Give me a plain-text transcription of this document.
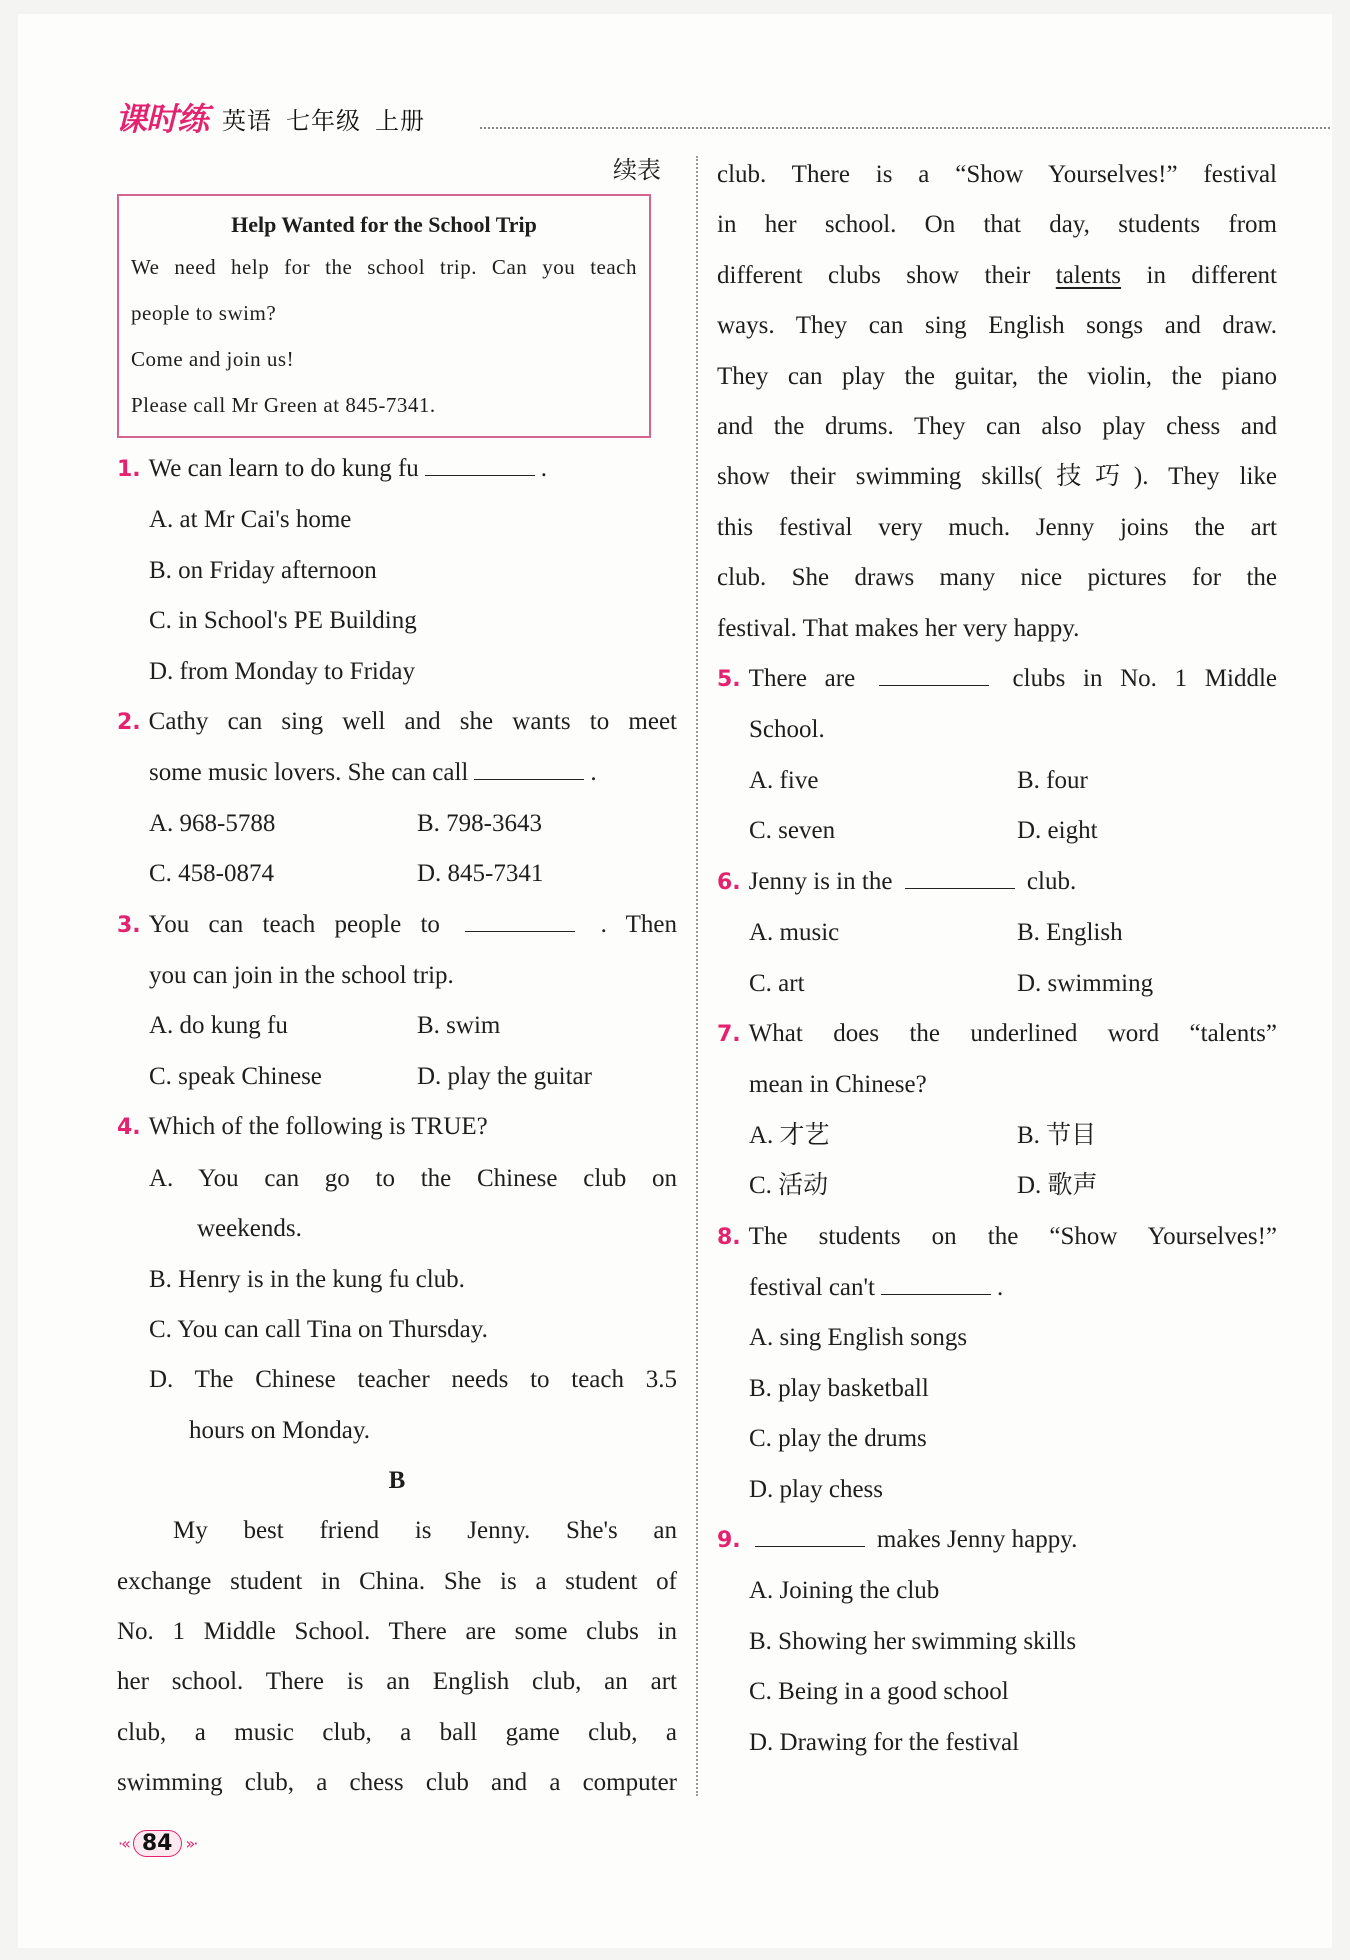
课时练 英语 七年级 上册
续表
Help Wanted for the School Trip
We need help for the school trip. Can you teach
people to swim?
Come and join us!
Please call Mr Green at 845-7341.
1. We can learn to do kung fu	.
A. at Mr Cai's home
B. on Friday afternoon
C. in School's PE Building
D. from Monday to Friday
2. Cathy can sing well and she wants to meet
some music lovers. She can call	.
A. 968-5788	B. 798-3643
C. 458-0874	D. 845-7341
3. You can teach people to	. Then
you can join in the school trip.
A. do kung fu	B. swim
C. speak Chinese	D. play the guitar
4. Which of the following is TRUE?
A. You can go to the Chinese club on
weekends.
B. Henry is in the kung fu club.
C. You can call Tina on Thursday.
D. The Chinese teacher needs to teach 3.5
hours on Monday.
B
My best friend is Jenny. She's an
exchange student in China. She is a student of
No. 1 Middle School. There are some clubs in
her school. There is an English club, an art
club, a music club, a ball game club, a
swimming club, a chess club and a computer
club. There is a “Show Yourselves!” festival
in her school. On that day, students from
different clubs show their talents in different
ways. They can sing English songs and draw.
They can play the guitar, the violin, the piano
and the drums. They can also play chess and
show their swimming skills(技巧). They like
this festival very much. Jenny joins the art
club. She draws many nice pictures for the
festival. That makes her very happy.
5. There are	clubs in No. 1 Middle
School.
A. five	B. four
C. seven	D. eight
6. Jenny is in the	club.
A. music	B. English
C. art	D. swimming
7. What does the underlined word “talents”
mean in Chinese?
A. 才艺	B. 节目
C. 活动	D. 歌声
8. The students on the “Show Yourselves!”
festival can't	.
A. sing English songs
B. play basketball
C. play the drums
D. play chess
9.	makes Jenny happy.
A. Joining the club
B. Showing her swimming skills
C. Being in a good school
D. Drawing for the festival
·« 84 »·
